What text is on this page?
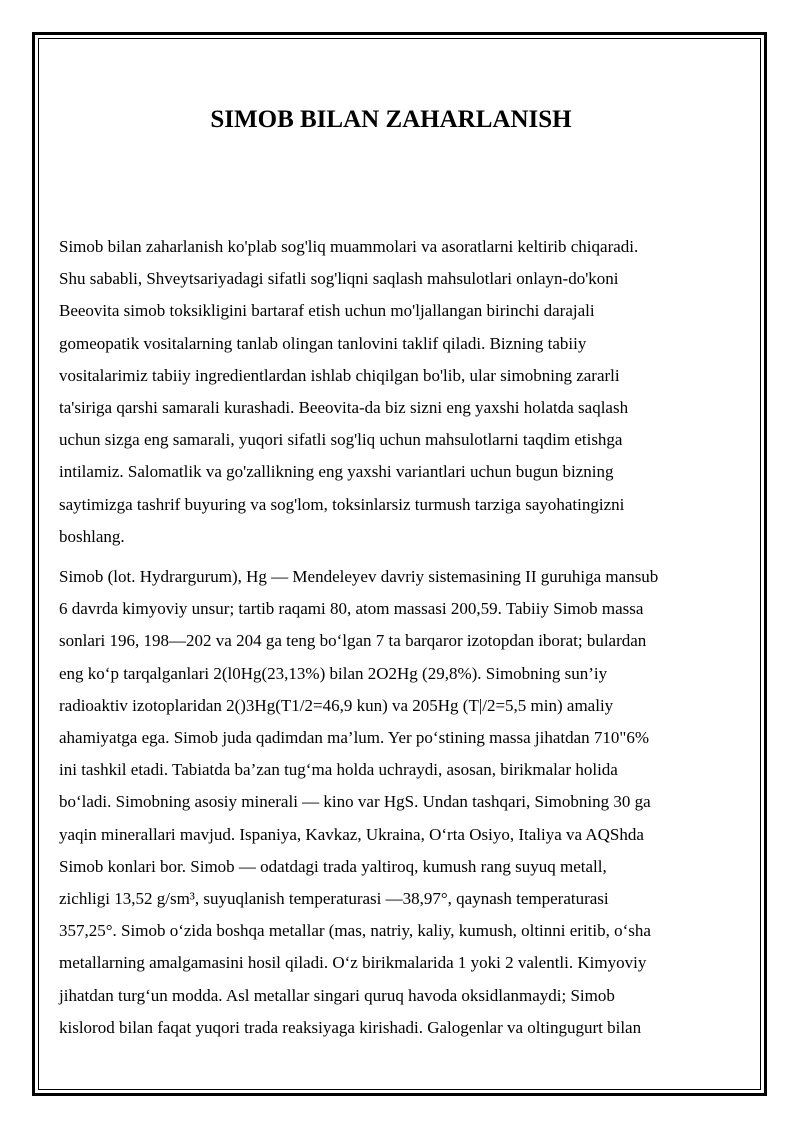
SIMOB BILAN ZAHARLANISH

Simob bilan zaharlanish ko'plab sog'liq muammolari va asoratlarni keltirib chiqaradi.
Shu sababli, Shveytsariyadagi sifatli sog'liqni saqlash mahsulotlari onlayn-do'koni
Beeovita simob toksikligini bartaraf etish uchun mo'ljallangan birinchi darajali
gomeopatik vositalarning tanlab olingan tanlovini taklif qiladi. Bizning tabiiy
vositalarimiz tabiiy ingredientlardan ishlab chiqilgan bo'lib, ular simobning zararli
ta'siriga qarshi samarali kurashadi. Beeovita-da biz sizni eng yaxshi holatda saqlash
uchun sizga eng samarali, yuqori sifatli sog'liq uchun mahsulotlarni taqdim etishga
intilamiz. Salomatlik va go'zallikning eng yaxshi variantlari uchun bugun bizning
saytimizga tashrif buyuring va sog'lom, toksinlarsiz turmush tarziga sayohatingizni
boshlang.

Simob (lot. Hydrargurum), Hg — Mendeleyev davriy sistemasining II guruhiga mansub
6 davrda kimyoviy unsur; tartib raqami 80, atom massasi 200,59. Tabiiy Simob massa
sonlari 196, 198—202 va 204 ga teng bo‘lgan 7 ta barqaror izotopdan iborat; bulardan
eng ko‘p tarqalganlari 2(l0Hg(23,13%) bilan 2O2Hg (29,8%). Simobning sun’iy
radioaktiv izotoplaridan 2()3Hg(T1/2=46,9 kun) va 205Hg (T|/2=5,5 min) amaliy
ahamiyatga ega. Simob juda qadimdan ma’lum. Yer po‘stining massa jihatdan 710"6%
ini tashkil etadi. Tabiatda ba’zan tug‘ma holda uchraydi, asosan, birikmalar holida
bo‘ladi. Simobning asosiy minerali — kino var HgS. Undan tashqari, Simobning 30 ga
yaqin minerallari mavjud. Ispaniya, Kavkaz, Ukraina, O‘rta Osiyo, Italiya va AQShda
Simob konlari bor. Simob — odatdagi trada yaltiroq, kumush rang suyuq metall,
zichligi 13,52 g/sm³, suyuqlanish temperaturasi —38,97°, qaynash temperaturasi
357,25°. Simob o‘zida boshqa metallar (mas, natriy, kaliy, kumush, oltinni eritib, o‘sha
metallarning amalgamasini hosil qiladi. O‘z birikmalarida 1 yoki 2 valentli. Kimyoviy
jihatdan turg‘un modda. Asl metallar singari quruq havoda oksidlanmaydi; Simob
kislorod bilan faqat yuqori trada reaksiyaga kirishadi. Galogenlar va oltingugurt bilan
